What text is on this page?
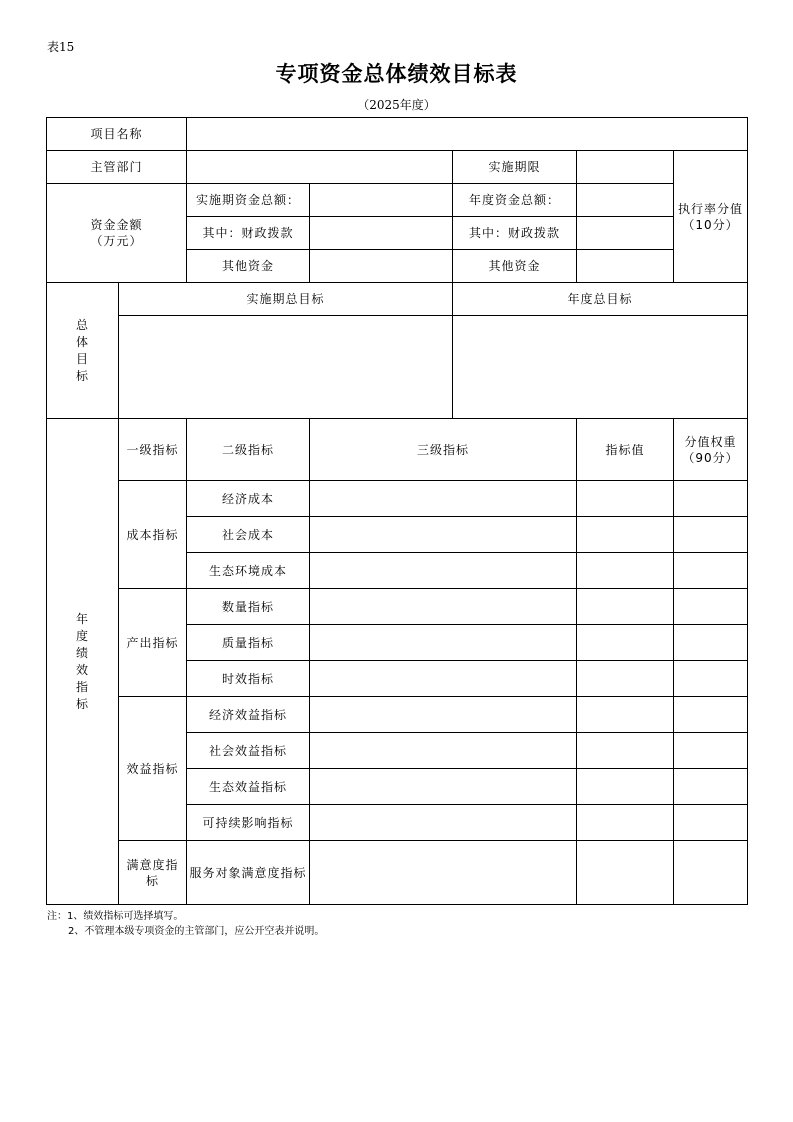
表15
专项资金总体绩效目标表
（2025年度）
项目名称						
主管部门				实施期限		执行率分值
（10分）
资金金额
（万元）		实施期资金总额：		年度资金总额：		
		其中：财政拨款		其中：财政拨款		
		其他资金		其他资金		
总体目标	实施期总目标			年度总目标		

年度绩效指标	一级指标	二级指标	三级指标		指标值	分值权重
（90分）
	成本指标	经济成本				
		社会成本				
		生态环境成本				
	产出指标	数量指标				
		质量指标				
		时效指标				
	效益指标	经济效益指标				
		社会效益指标				
		生态效益指标				
		可持续影响指标				
	满意度指标	服务对象满意度指标				
注：1、绩效指标可选择填写。
2、不管理本级专项资金的主管部门，应公开空表并说明。
